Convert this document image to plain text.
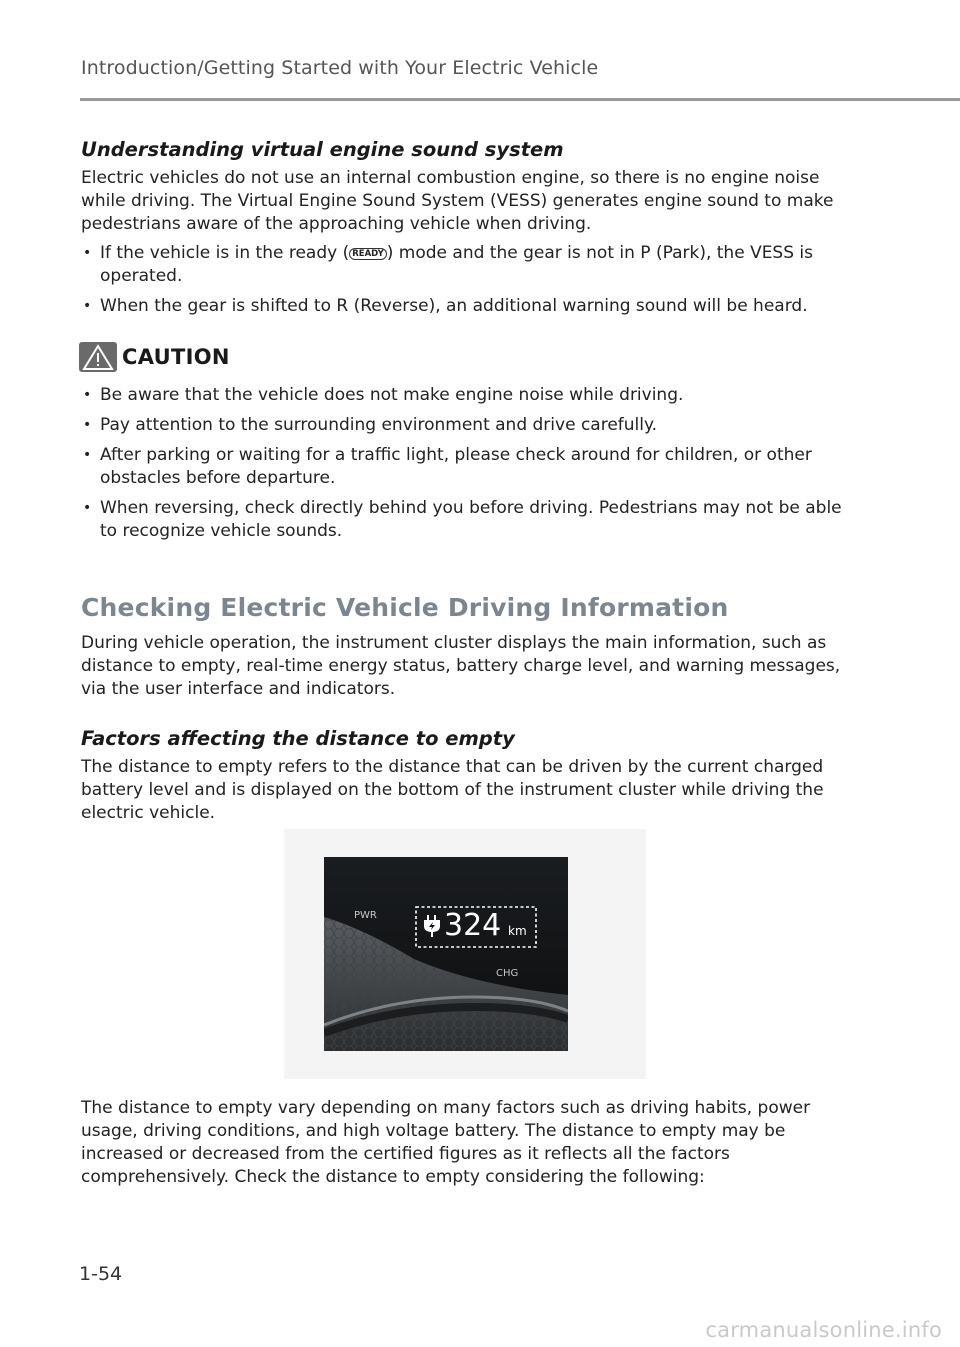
Introduction/Getting Started with Your Electric Vehicle
Understanding virtual engine sound system

Electric vehicles do not use an internal combustion engine, so there is no engine noise while driving. The Virtual Engine Sound System (VESS) generates engine sound to make pedestrians aware of the approaching vehicle when driving.

• If the vehicle is in the ready ( READY ) mode and the gear is not in P (Park), the VESS is operated.
• When the gear is shifted to R (Reverse), an additional warning sound will be heard.
CAUTION
• Be aware that the vehicle does not make engine noise while driving.
• Pay attention to the surrounding environment and drive carefully.
• After parking or waiting for a traffic light, please check around for children, or other obstacles before departure.
• When reversing, check directly behind you before driving. Pedestrians may not be able to recognize vehicle sounds.
Checking Electric Vehicle Driving Information

During vehicle operation, the instrument cluster displays the main information, such as distance to empty, real-time energy status, battery charge level, and warning messages, via the user interface and indicators.

Factors affecting the distance to empty

The distance to empty refers to the distance that can be driven by the current charged battery level and is displayed on the bottom of the instrument cluster while driving the electric vehicle.

PWR
CHG
324 km

The distance to empty vary depending on many factors such as driving habits, power usage, driving conditions, and high voltage battery. The distance to empty may be increased or decreased from the certified figures as it reflects all the factors comprehensively. Check the distance to empty considering the following:

1-54
carmanualsonline.info
